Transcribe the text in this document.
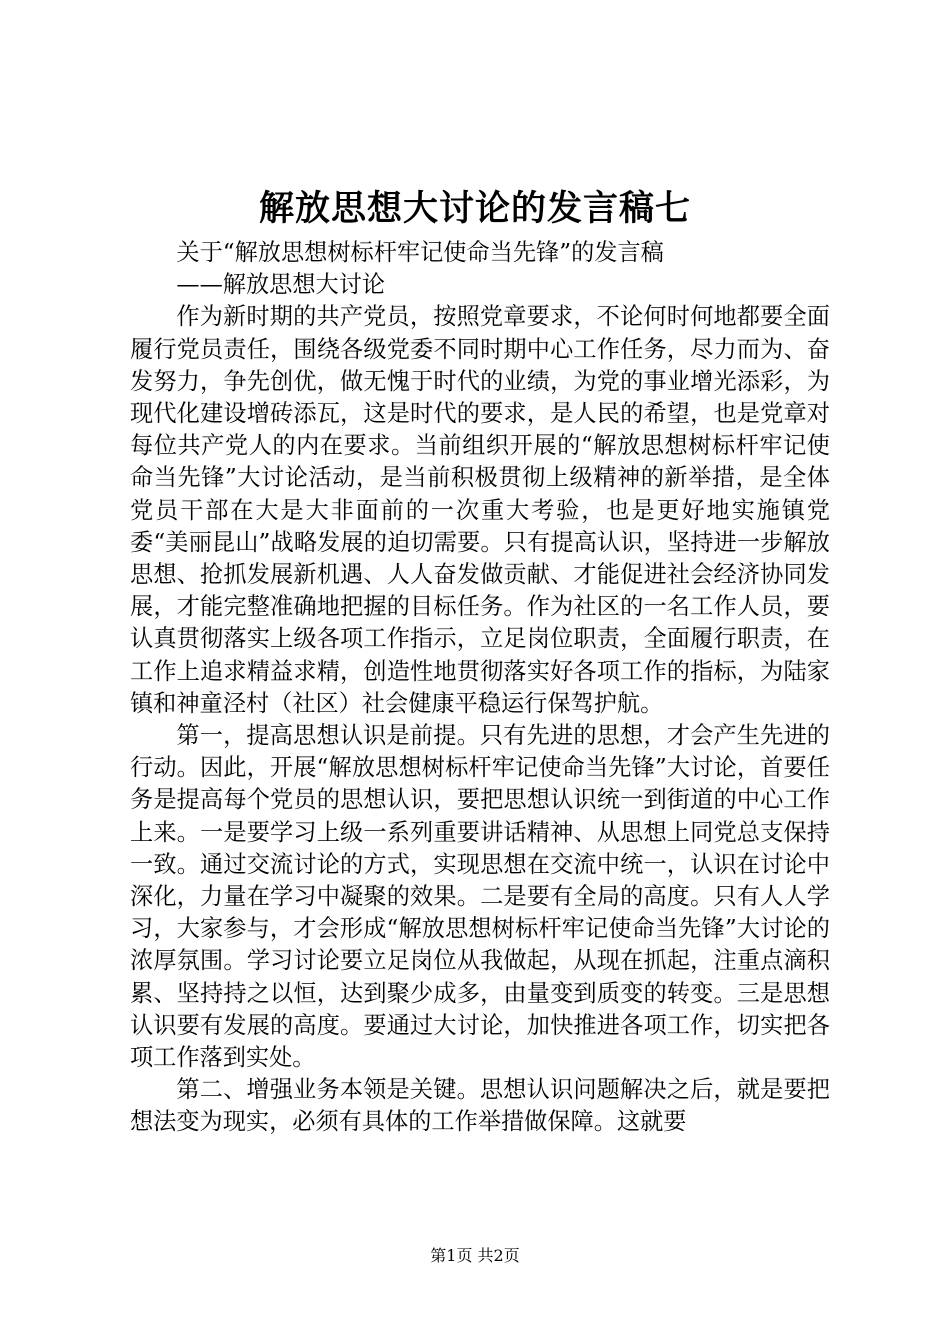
解放思想大讨论的发言稿七

关于“解放思想树标杆牢记使命当先锋”的发言稿

——解放思想大讨论

作为新时期的共产党员，按照党章要求，不论何时何地都要全面履行党员责任，围绕各级党委不同时期中心工作任务，尽力而为、奋发努力，争先创优，做无愧于时代的业绩，为党的事业增光添彩，为现代化建设增砖添瓦，这是时代的要求，是人民的希望，也是党章对每位共产党人的内在要求。当前组织开展的“解放思想树标杆牢记使命当先锋”大讨论活动，是当前积极贯彻上级精神的新举措，是全体党员干部在大是大非面前的一次重大考验，也是更好地实施镇党委“美丽昆山”战略发展的迫切需要。只有提高认识，坚持进一步解放思想、抢抓发展新机遇、人人奋发做贡献、才能促进社会经济协同发展，才能完整准确地把握的目标任务。作为社区的一名工作人员，要认真贯彻落实上级各项工作指示，立足岗位职责，全面履行职责，在工作上追求精益求精，创造性地贯彻落实好各项工作的指标，为陆家镇和神童泾村（社区）社会健康平稳运行保驾护航。

第一，提高思想认识是前提。只有先进的思想，才会产生先进的行动。因此，开展“解放思想树标杆牢记使命当先锋”大讨论，首要任务是提高每个党员的思想认识，要把思想认识统一到街道的中心工作上来。一是要学习上级一系列重要讲话精神、从思想上同党总支保持一致。通过交流讨论的方式，实现思想在交流中统一，认识在讨论中深化，力量在学习中凝聚的效果。二是要有全局的高度。只有人人学习，大家参与，才会形成“解放思想树标杆牢记使命当先锋”大讨论的浓厚氛围。学习讨论要立足岗位从我做起，从现在抓起，注重点滴积累、坚持持之以恒，达到聚少成多，由量变到质变的转变。三是思想认识要有发展的高度。要通过大讨论，加快推进各项工作，切实把各项工作落到实处。

第二、增强业务本领是关键。思想认识问题解决之后，就是要把想法变为现实，必须有具体的工作举措做保障。这就要

第1页 共2页
